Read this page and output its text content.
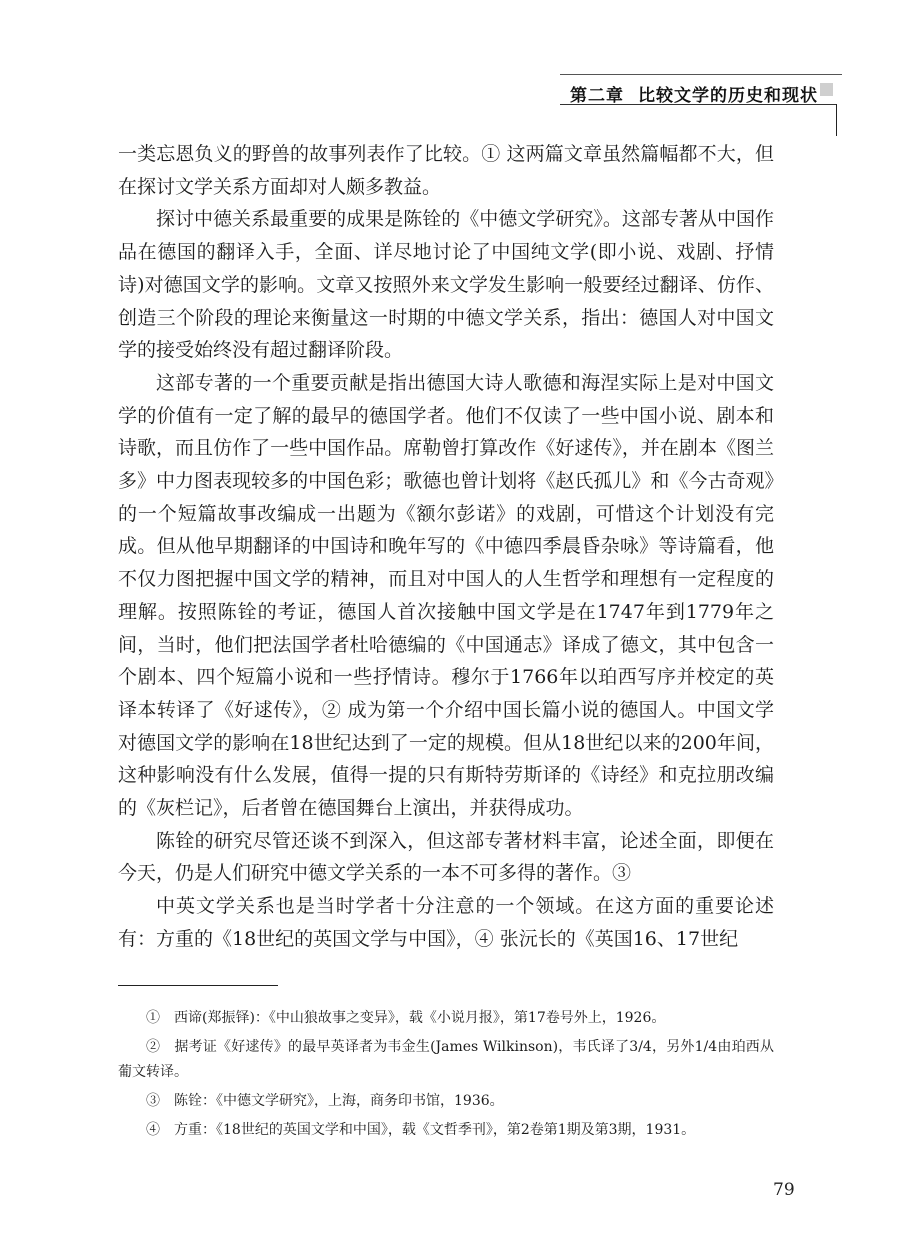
第二章 比较文学的历史和现状

一类忘恩负义的野兽的故事列表作了比较。① 这两篇文章虽然篇幅都不大，但在探讨文学关系方面却对人颇多教益。

探讨中德关系最重要的成果是陈铨的《中德文学研究》。这部专著从中国作品在德国的翻译入手，全面、详尽地讨论了中国纯文学(即小说、戏剧、抒情诗)对德国文学的影响。文章又按照外来文学发生影响一般要经过翻译、仿作、创造三个阶段的理论来衡量这一时期的中德文学关系，指出：德国人对中国文学的接受始终没有超过翻译阶段。

这部专著的一个重要贡献是指出德国大诗人歌德和海涅实际上是对中国文学的价值有一定了解的最早的德国学者。他们不仅读了一些中国小说、剧本和诗歌，而且仿作了一些中国作品。席勒曾打算改作《好逑传》，并在剧本《图兰多》中力图表现较多的中国色彩；歌德也曾计划将《赵氏孤儿》和《今古奇观》的一个短篇故事改编成一出题为《额尔彭诺》的戏剧，可惜这个计划没有完成。但从他早期翻译的中国诗和晚年写的《中德四季晨昏杂咏》等诗篇看，他不仅力图把握中国文学的精神，而且对中国人的人生哲学和理想有一定程度的理解。按照陈铨的考证，德国人首次接触中国文学是在1747年到1779年之间，当时，他们把法国学者杜哈德编的《中国通志》译成了德文，其中包含一个剧本、四个短篇小说和一些抒情诗。穆尔于1766年以珀西写序并校定的英译本转译了《好逑传》，② 成为第一个介绍中国长篇小说的德国人。中国文学对德国文学的影响在18世纪达到了一定的规模。但从18世纪以来的200年间，这种影响没有什么发展，值得一提的只有斯特劳斯译的《诗经》和克拉朋改编的《灰栏记》，后者曾在德国舞台上演出，并获得成功。

陈铨的研究尽管还谈不到深入，但这部专著材料丰富，论述全面，即便在今天，仍是人们研究中德文学关系的一本不可多得的著作。③

中英文学关系也是当时学者十分注意的一个领域。在这方面的重要论述有：方重的《18世纪的英国文学与中国》，④ 张沅长的《英国16、17世纪

①　西谛(郑振铎)：《中山狼故事之变异》，载《小说月报》，第17卷号外上，1926。

②　据考证《好逑传》的最早英译者为韦金生(James Wilkinson)，韦氏译了3/4，另外1/4由珀西从葡文转译。

③　陈铨：《中德文学研究》，上海，商务印书馆，1936。

④　方重：《18世纪的英国文学和中国》，载《文哲季刊》，第2卷第1期及第3期，1931。

79
